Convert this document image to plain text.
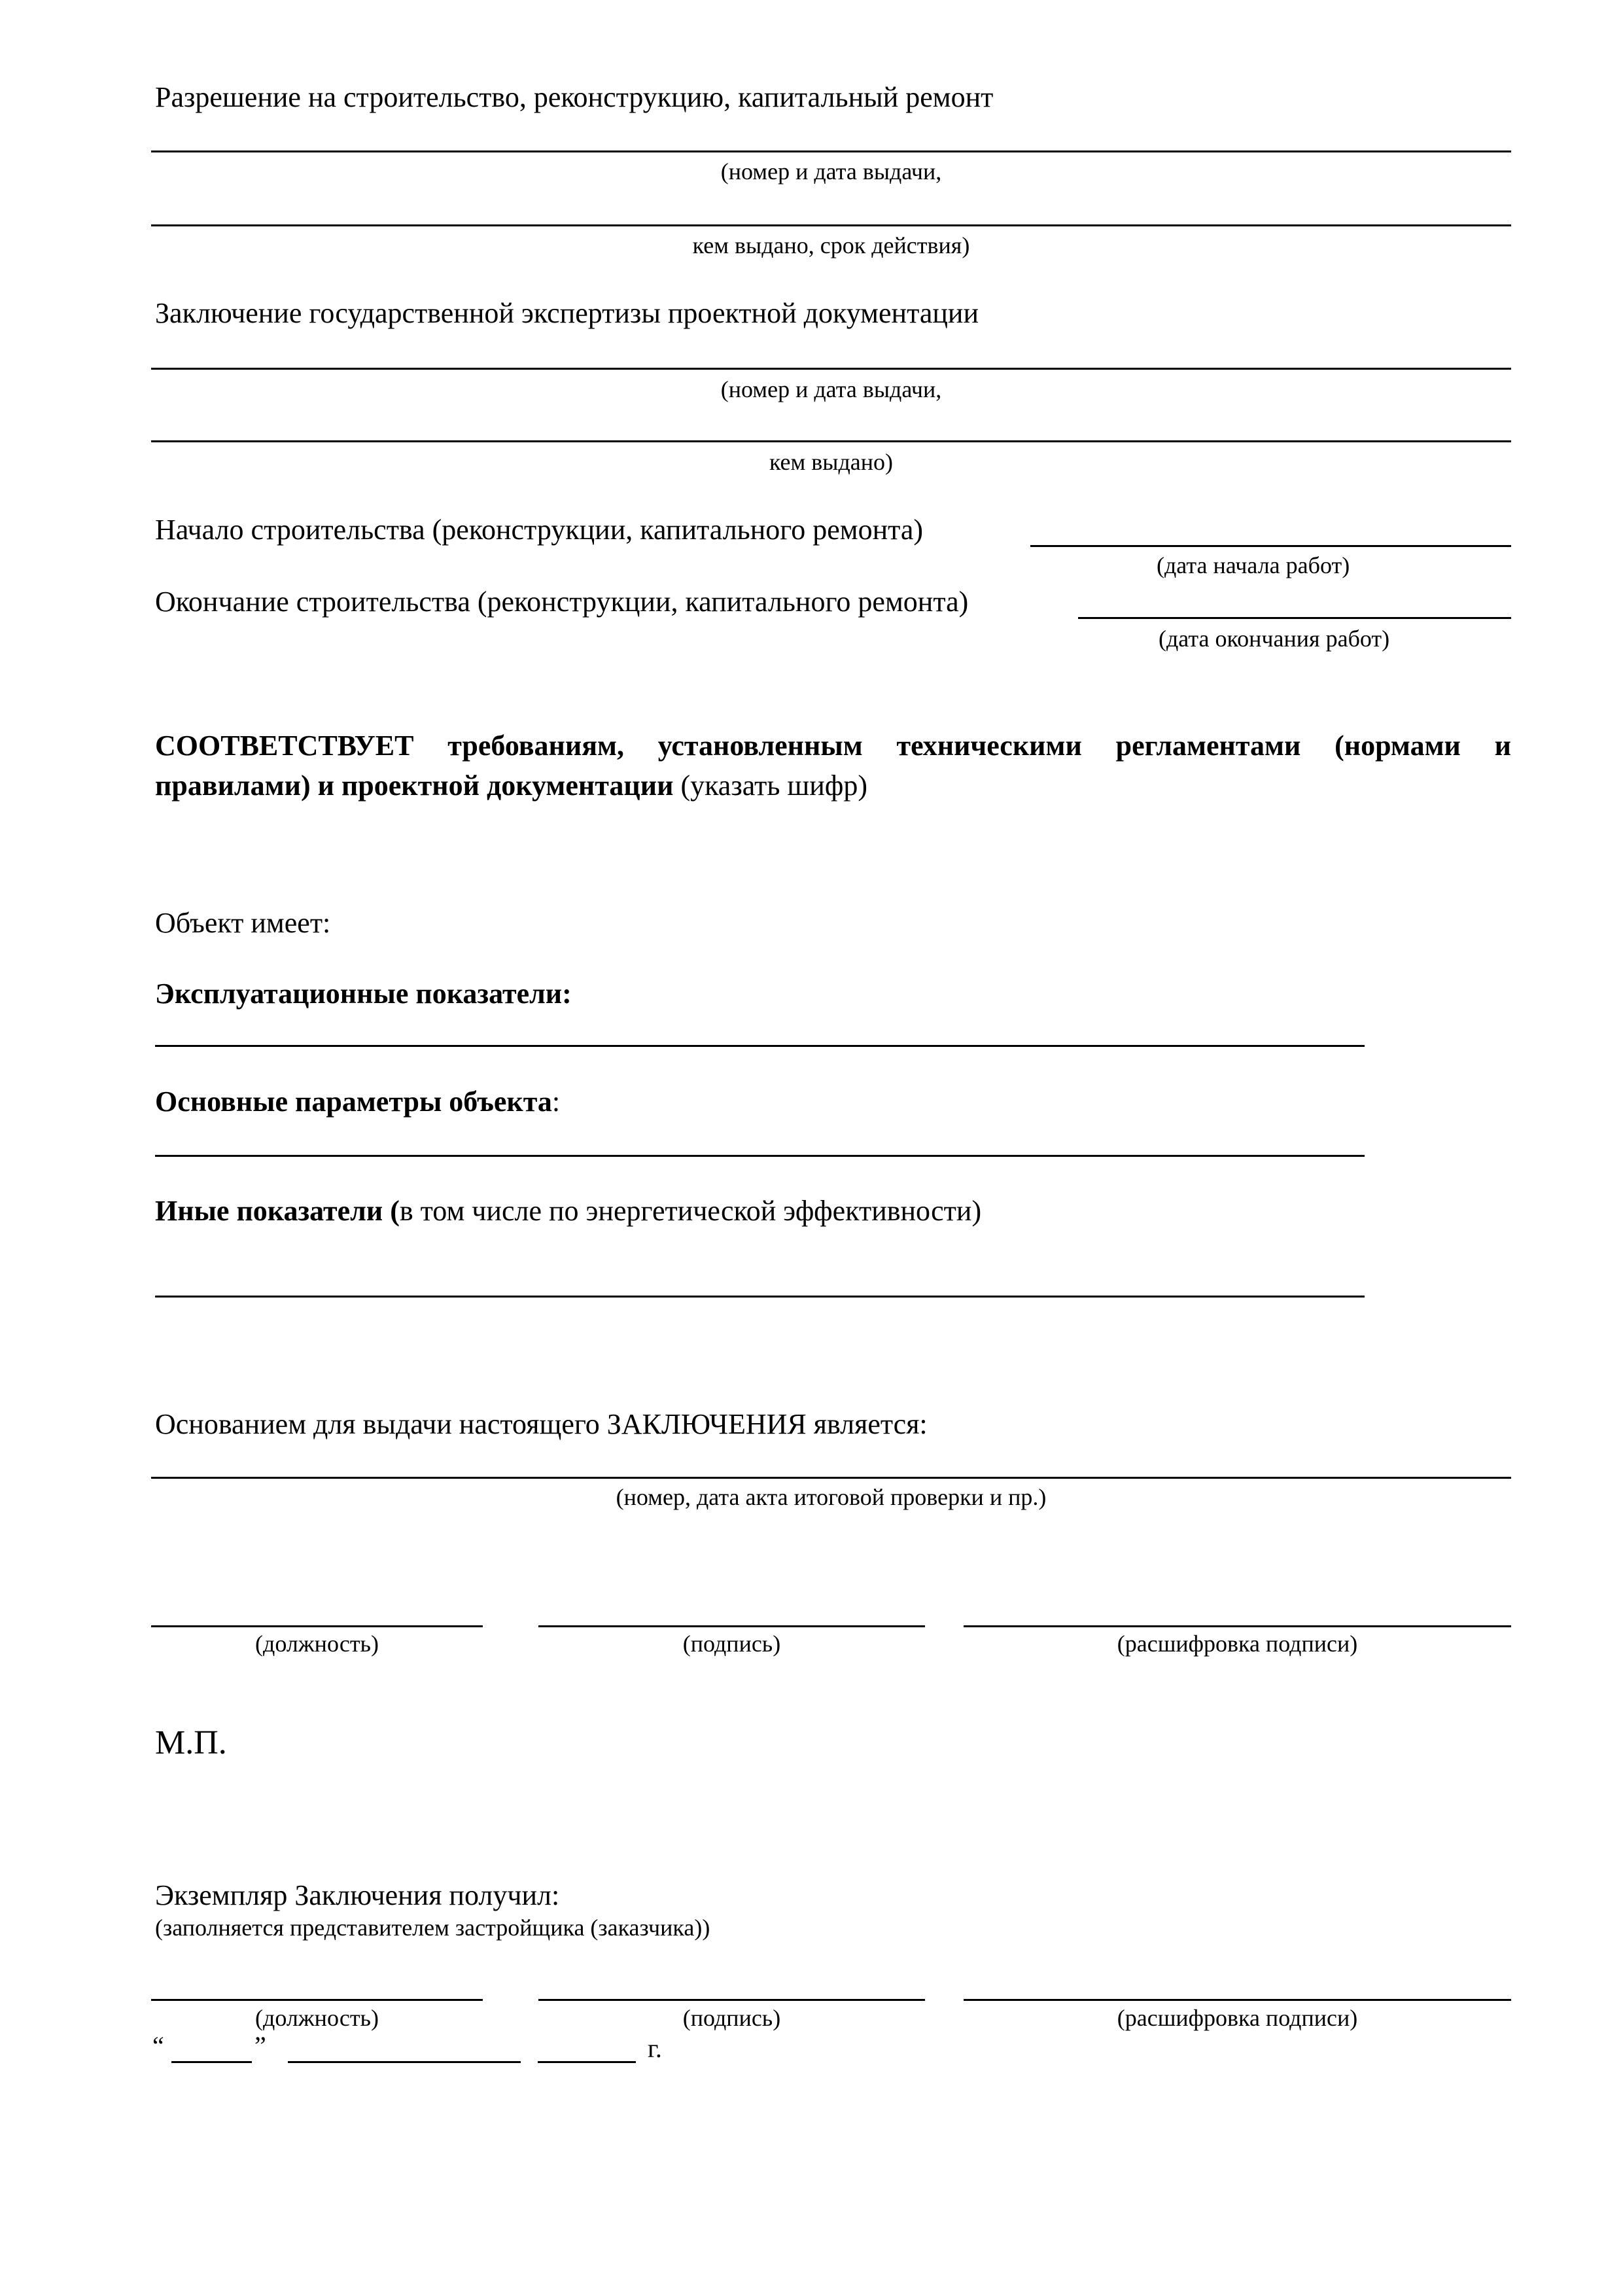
Разрешение на строительство, реконструкцию, капитальный ремонт
(номер и дата выдачи,
кем выдано, срок действия)
Заключение государственной экспертизы проектной документации
(номер и дата выдачи,
кем выдано)
Начало строительства (реконструкции, капитального ремонта)
(дата начала работ)
Окончание строительства (реконструкции, капитального ремонта)
(дата окончания работ)
СООТВЕТСТВУЕТ требованиям, установленным техническими регламентами (нормами и правилами) и проектной документации (указать шифр)
Объект имеет:
Эксплуатационные показатели:
Основные параметры объекта:
Иные показатели (в том числе по энергетической эффективности)
Основанием для выдачи настоящего ЗАКЛЮЧЕНИЯ является:
(номер, дата акта итоговой проверки и пр.)
(должность)	(подпись)	(расшифровка подписи)
М.П.
Экземпляр Заключения получил:
(заполняется представителем застройщика (заказчика))
(должность)	(подпись)	(расшифровка подписи)
“	”	г.
